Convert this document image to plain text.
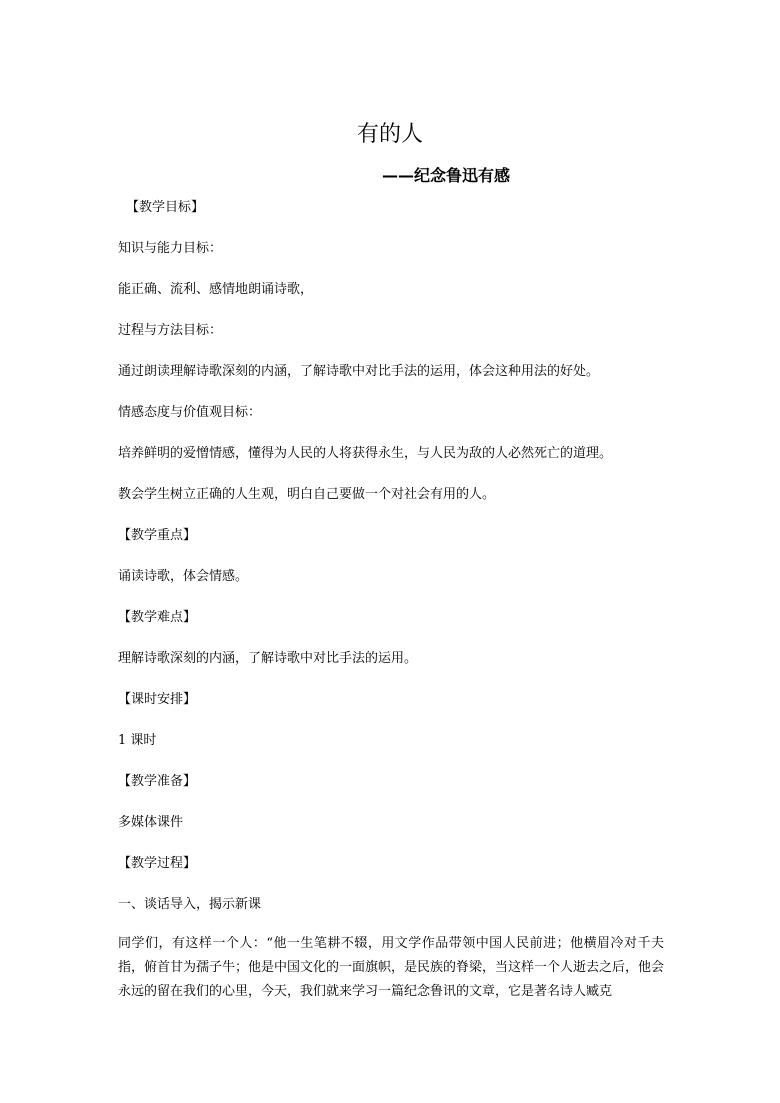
有的人
——纪念鲁迅有感
【教学目标】
知识与能力目标：
能正确、流利、感情地朗诵诗歌，
过程与方法目标：
通过朗读理解诗歌深刻的内涵，了解诗歌中对比手法的运用，体会这种用法的好处。
情感态度与价值观目标：
培养鲜明的爱憎情感，懂得为人民的人将获得永生，与人民为敌的人必然死亡的道理。
教会学生树立正确的人生观，明白自己要做一个对社会有用的人。
【教学重点】
诵读诗歌，体会情感。
【教学难点】
理解诗歌深刻的内涵，了解诗歌中对比手法的运用。
【课时安排】
1 课时
【教学准备】
多媒体课件
【教学过程】
一、谈话导入，揭示新课
同学们，有这样一个人：“他一生笔耕不辍，用文学作品带领中国人民前进；他横眉冷对千夫指，俯首甘为孺子牛；他是中国文化的一面旗帜，是民族的脊梁，当这样一个人逝去之后，他会永远的留在我们的心里，今天，我们就来学习一篇纪念鲁讯的文章，它是著名诗人臧克
